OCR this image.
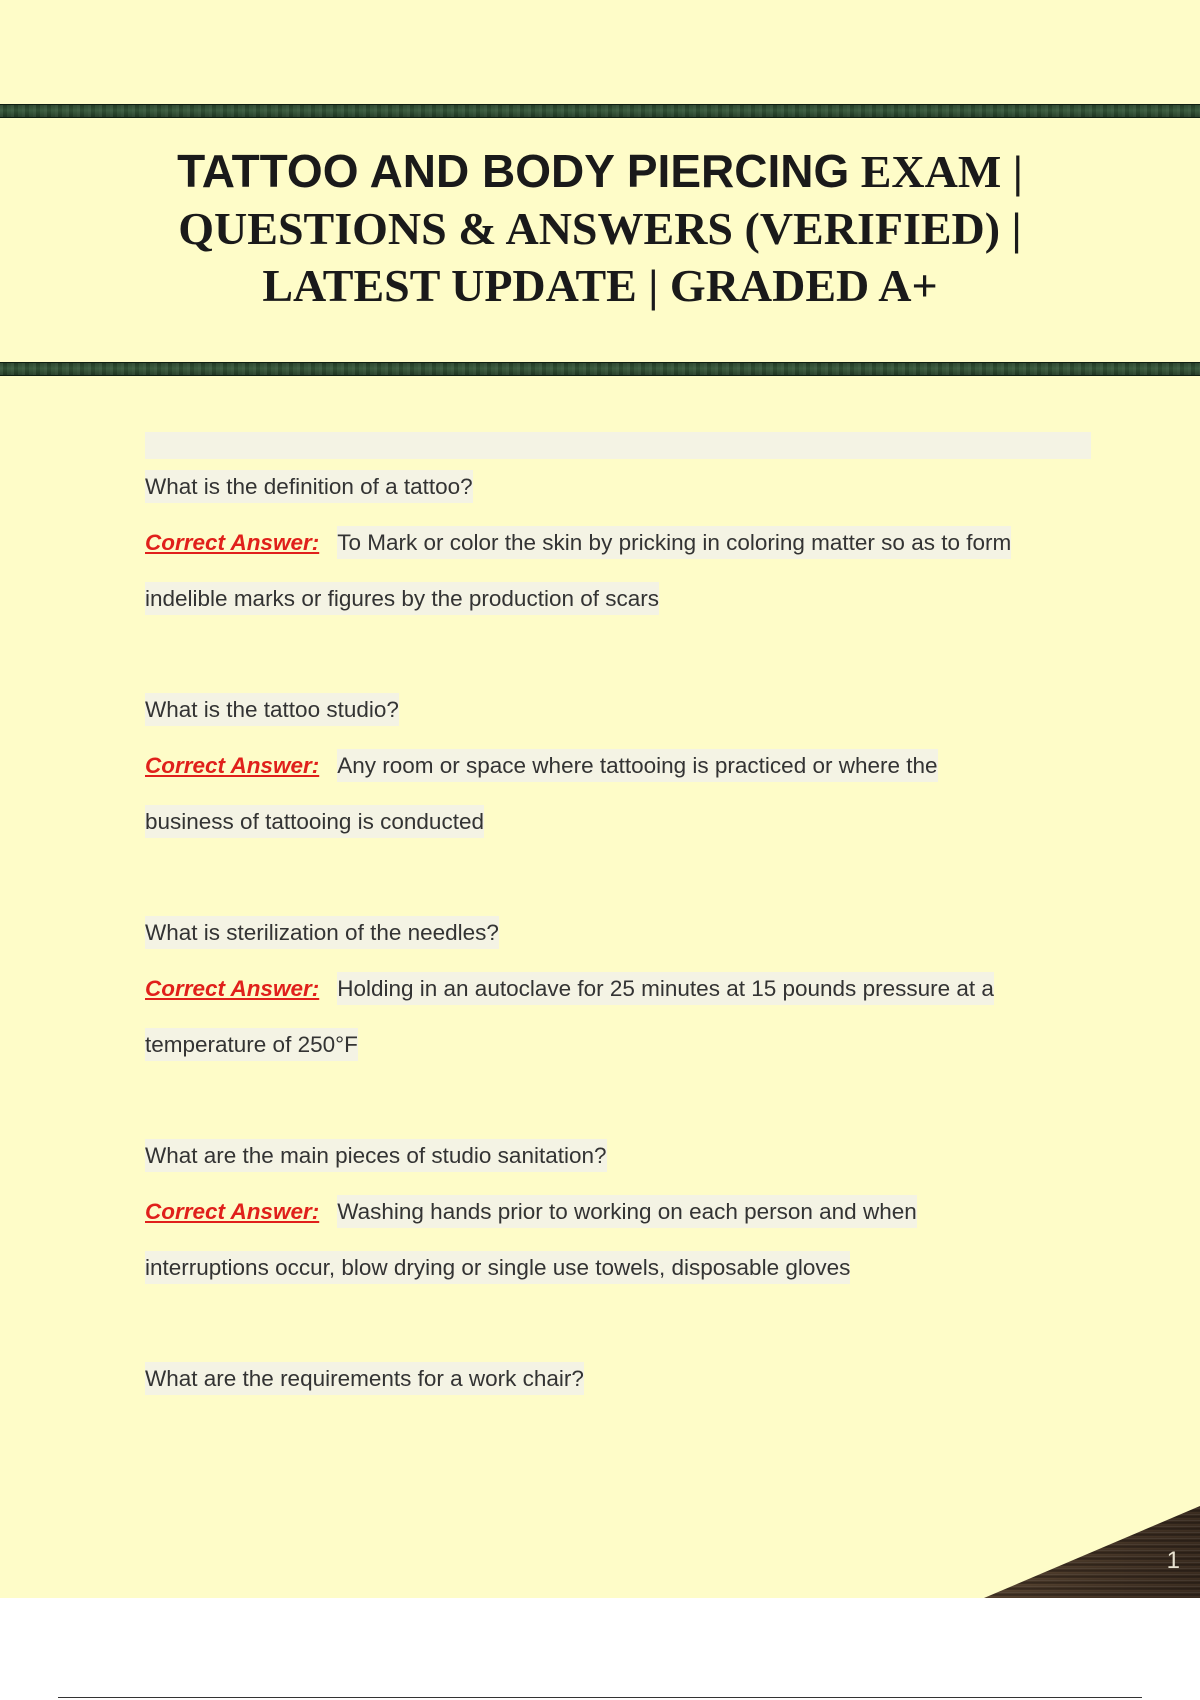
TATTOO AND BODY PIERCING EXAM |
QUESTIONS & ANSWERS (VERIFIED) |
LATEST UPDATE | GRADED A+
What is the definition of a tattoo?
Correct Answer: To Mark or color the skin by pricking in coloring matter so as to form
indelible marks or figures by the production of scars
What is the tattoo studio?
Correct Answer: Any room or space where tattooing is practiced or where the
business of tattooing is conducted
What is sterilization of the needles?
Correct Answer: Holding in an autoclave for 25 minutes at 15 pounds pressure at a
temperature of 250°F
What are the main pieces of studio sanitation?
Correct Answer: Washing hands prior to working on each person and when
interruptions occur, blow drying or single use towels, disposable gloves
What are the requirements for a work chair?
1
